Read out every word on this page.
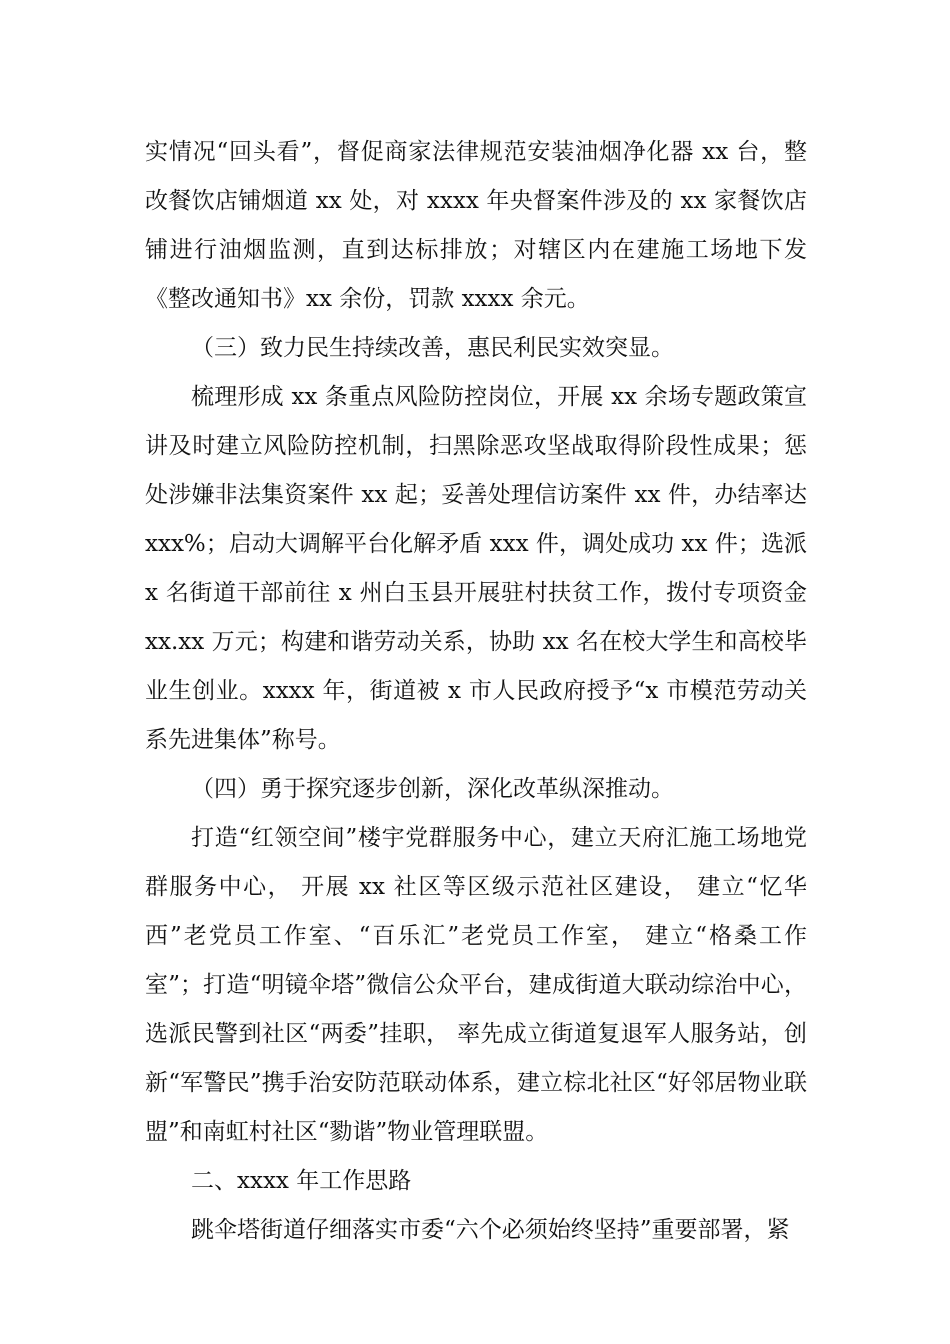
实情况“回头看”，督促商家法律规范安装油烟净化器 xx 台，整改餐饮店铺烟道 xx 处，对 xxxx 年央督案件涉及的 xx 家餐饮店铺进行油烟监测，直到达标排放；对辖区内在建施工场地下发《整改通知书》xx 余份，罚款 xxxx 余元。

（三）致力民生持续改善，惠民利民实效突显。

梳理形成 xx 条重点风险防控岗位，开展 xx 余场专题政策宣讲及时建立风险防控机制，扫黑除恶攻坚战取得阶段性成果；惩处涉嫌非法集资案件 xx 起；妥善处理信访案件 xx 件，办结率达 xxx%；启动大调解平台化解矛盾 xxx 件，调处成功 xx 件；选派 x 名街道干部前往 x 州白玉县开展驻村扶贫工作，拨付专项资金 xx.xx 万元；构建和谐劳动关系，协助 xx 名在校大学生和高校毕业生创业。xxxx 年，街道被 x 市人民政府授予“x 市模范劳动关系先进集体”称号。

（四）勇于探究逐步创新，深化改革纵深推动。

打造“红领空间”楼宇党群服务中心，建立天府汇施工场地党群服务中心， 开展 xx 社区等区级示范社区建设， 建立“忆华西”老党员工作室、“百乐汇”老党员工作室， 建立“格桑工作室”；打造“明镜伞塔”微信公众平台，建成街道大联动综治中心，选派民警到社区“两委”挂职， 率先成立街道复退军人服务站，创新“军警民”携手治安防范联动体系，建立棕北社区“好邻居物业联盟”和南虹村社区“勠谐”物业管理联盟。

二、xxxx 年工作思路

跳伞塔街道仔细落实市委“六个必须始终坚持”重要部署，紧
